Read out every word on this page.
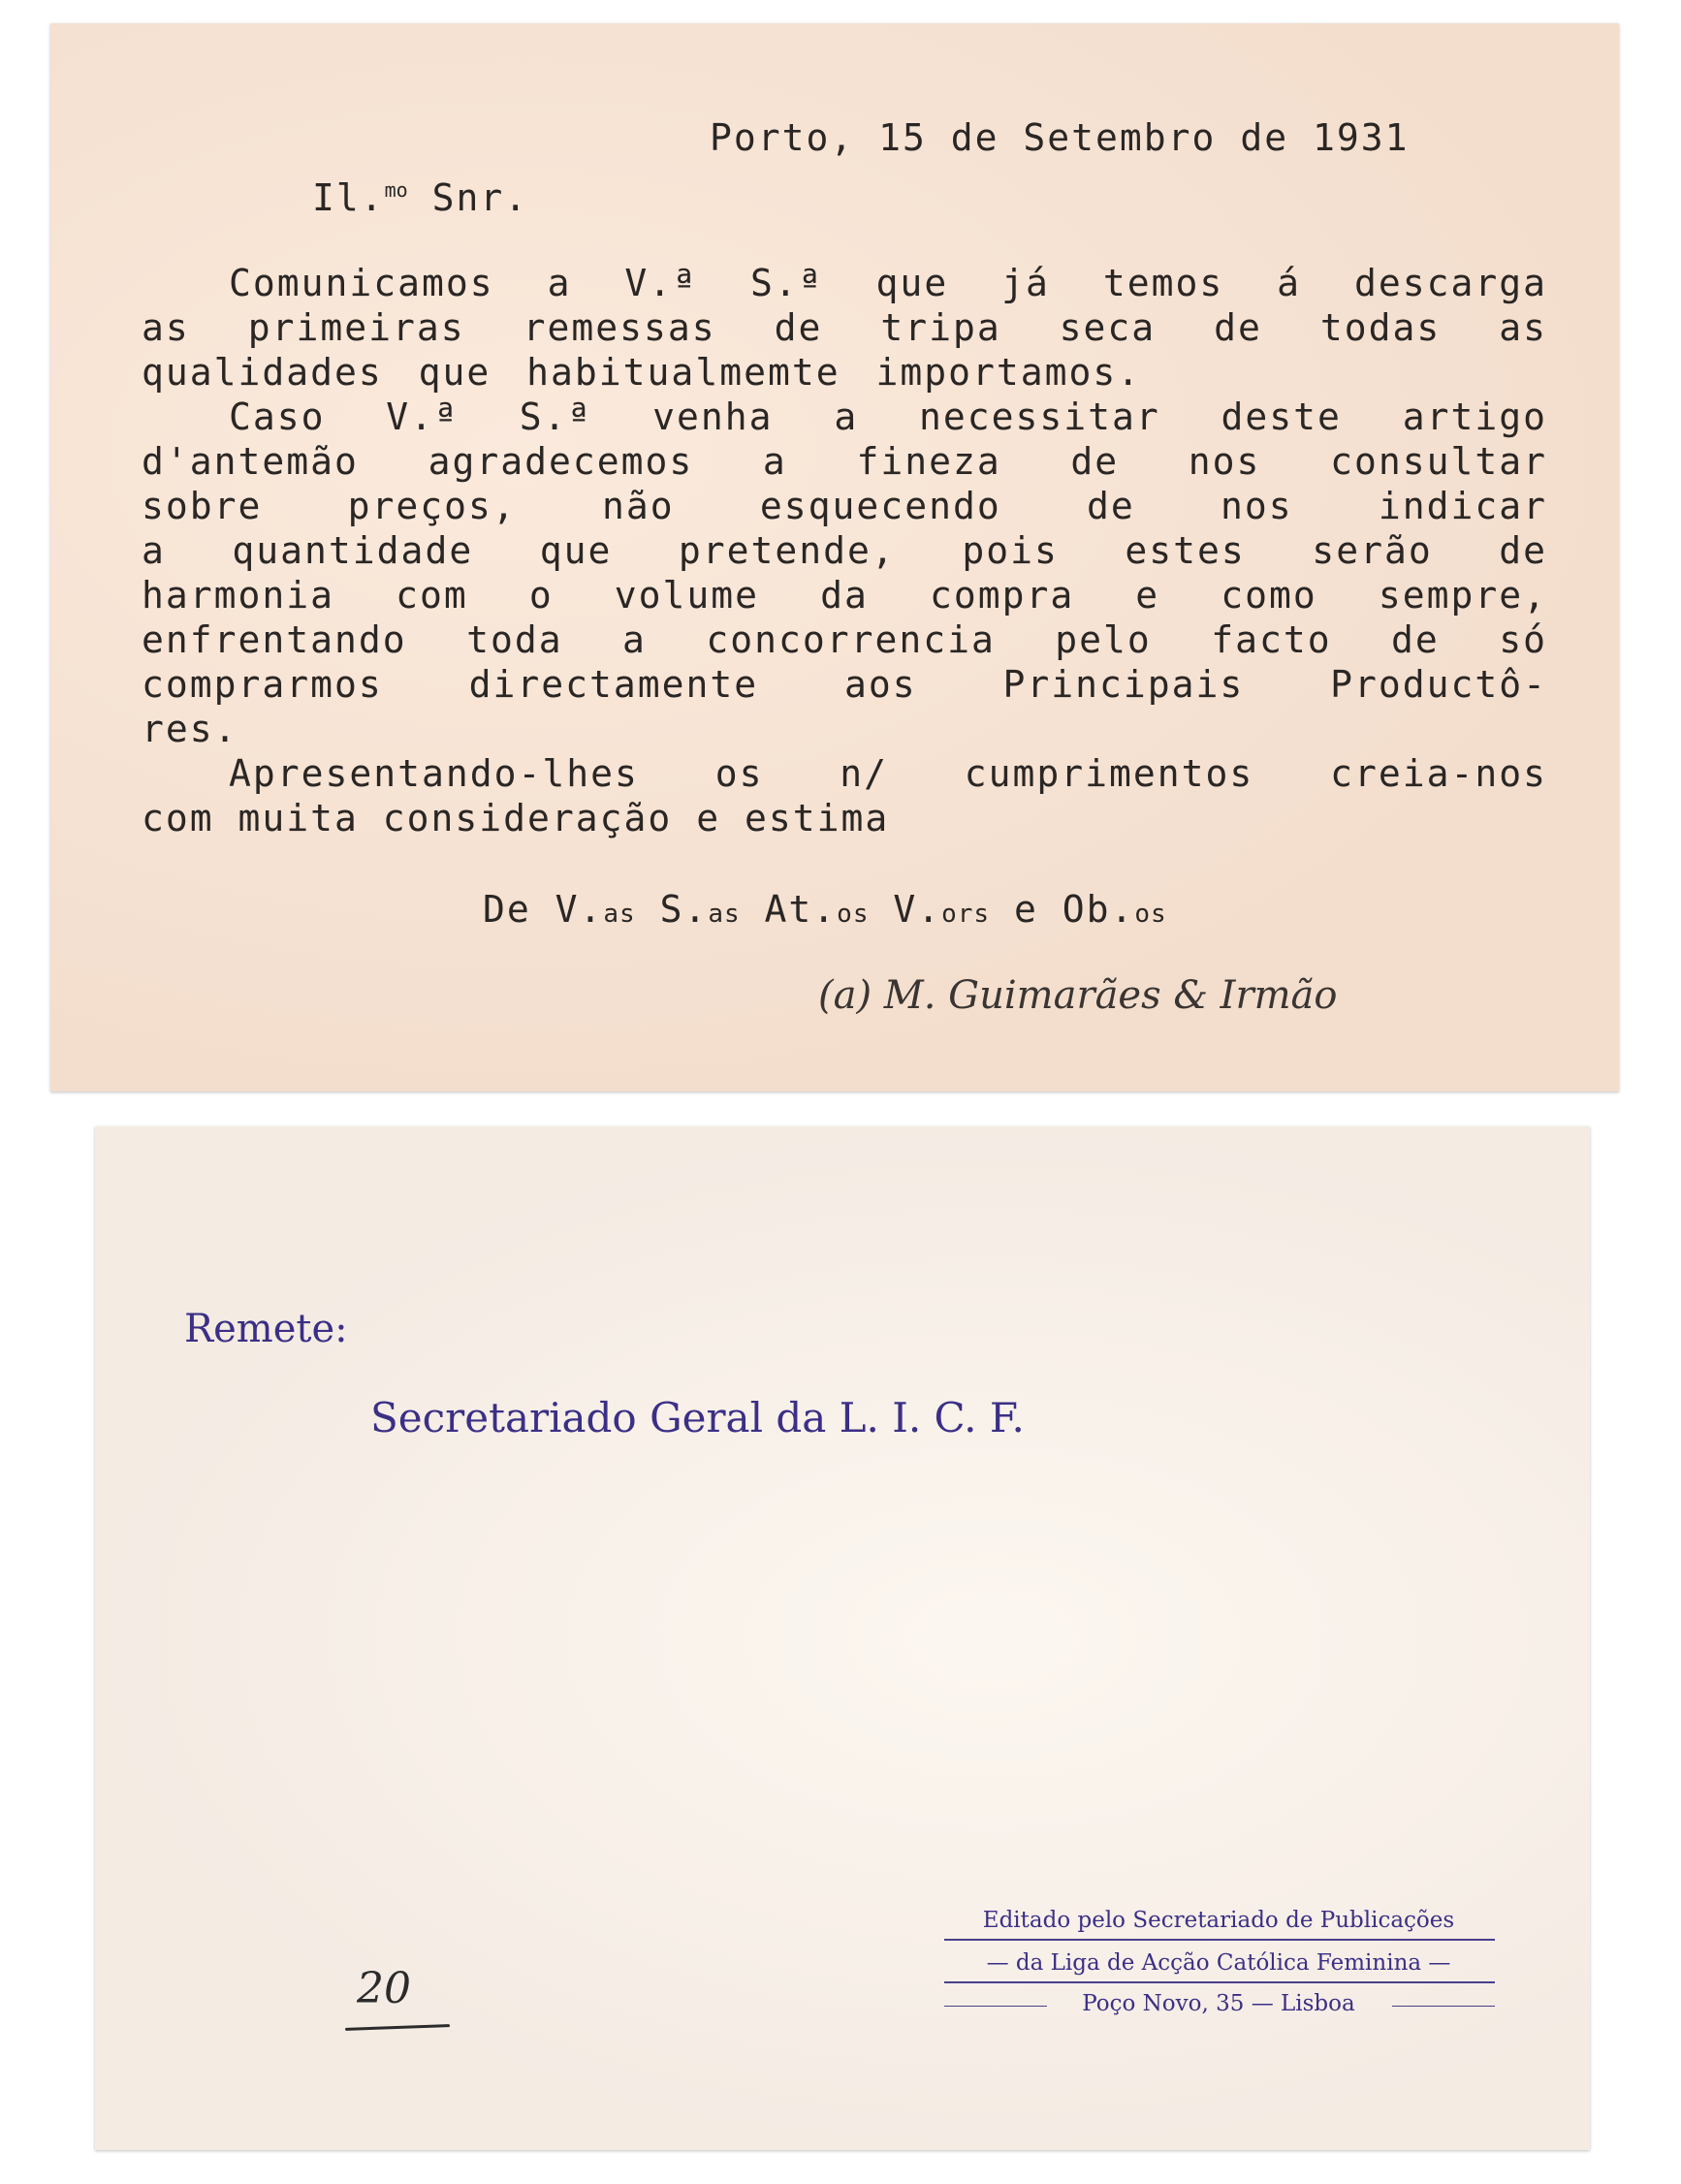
Porto, 15 de Setembro de 1931
Il.$^{mo}$ Snr.
Comunicamos a V.ª S.ª que já temos á descarga
as primeiras remessas de tripa seca de todas as
qualidades que habitualmemte importamos.
Caso V.ª S.ª venha a necessitar deste artigo
d'antemão agradecemos a fineza de nos consultar
sobre preços, não esquecendo de nos indicar
a quantidade que pretende, pois estes serão de
harmonia com o volume da compra e como sempre,
enfrentando toda a concorrencia pelo facto de só
comprarmos directamente aos Principais Productô-
res.
Apresentando-lhes os n/ cumprimentos creia-nos
com muita consideração e estima
De V.as S.as At.os V.ors e Ob.os
(a) M. Guimarães & Irmão
Remete:
Secretariado Geral da L. I. C. F.
Editado pelo Secretariado de Publicações
— da Liga de Acção Católica Feminina —
Poço Novo, 35 — Lisboa
20
